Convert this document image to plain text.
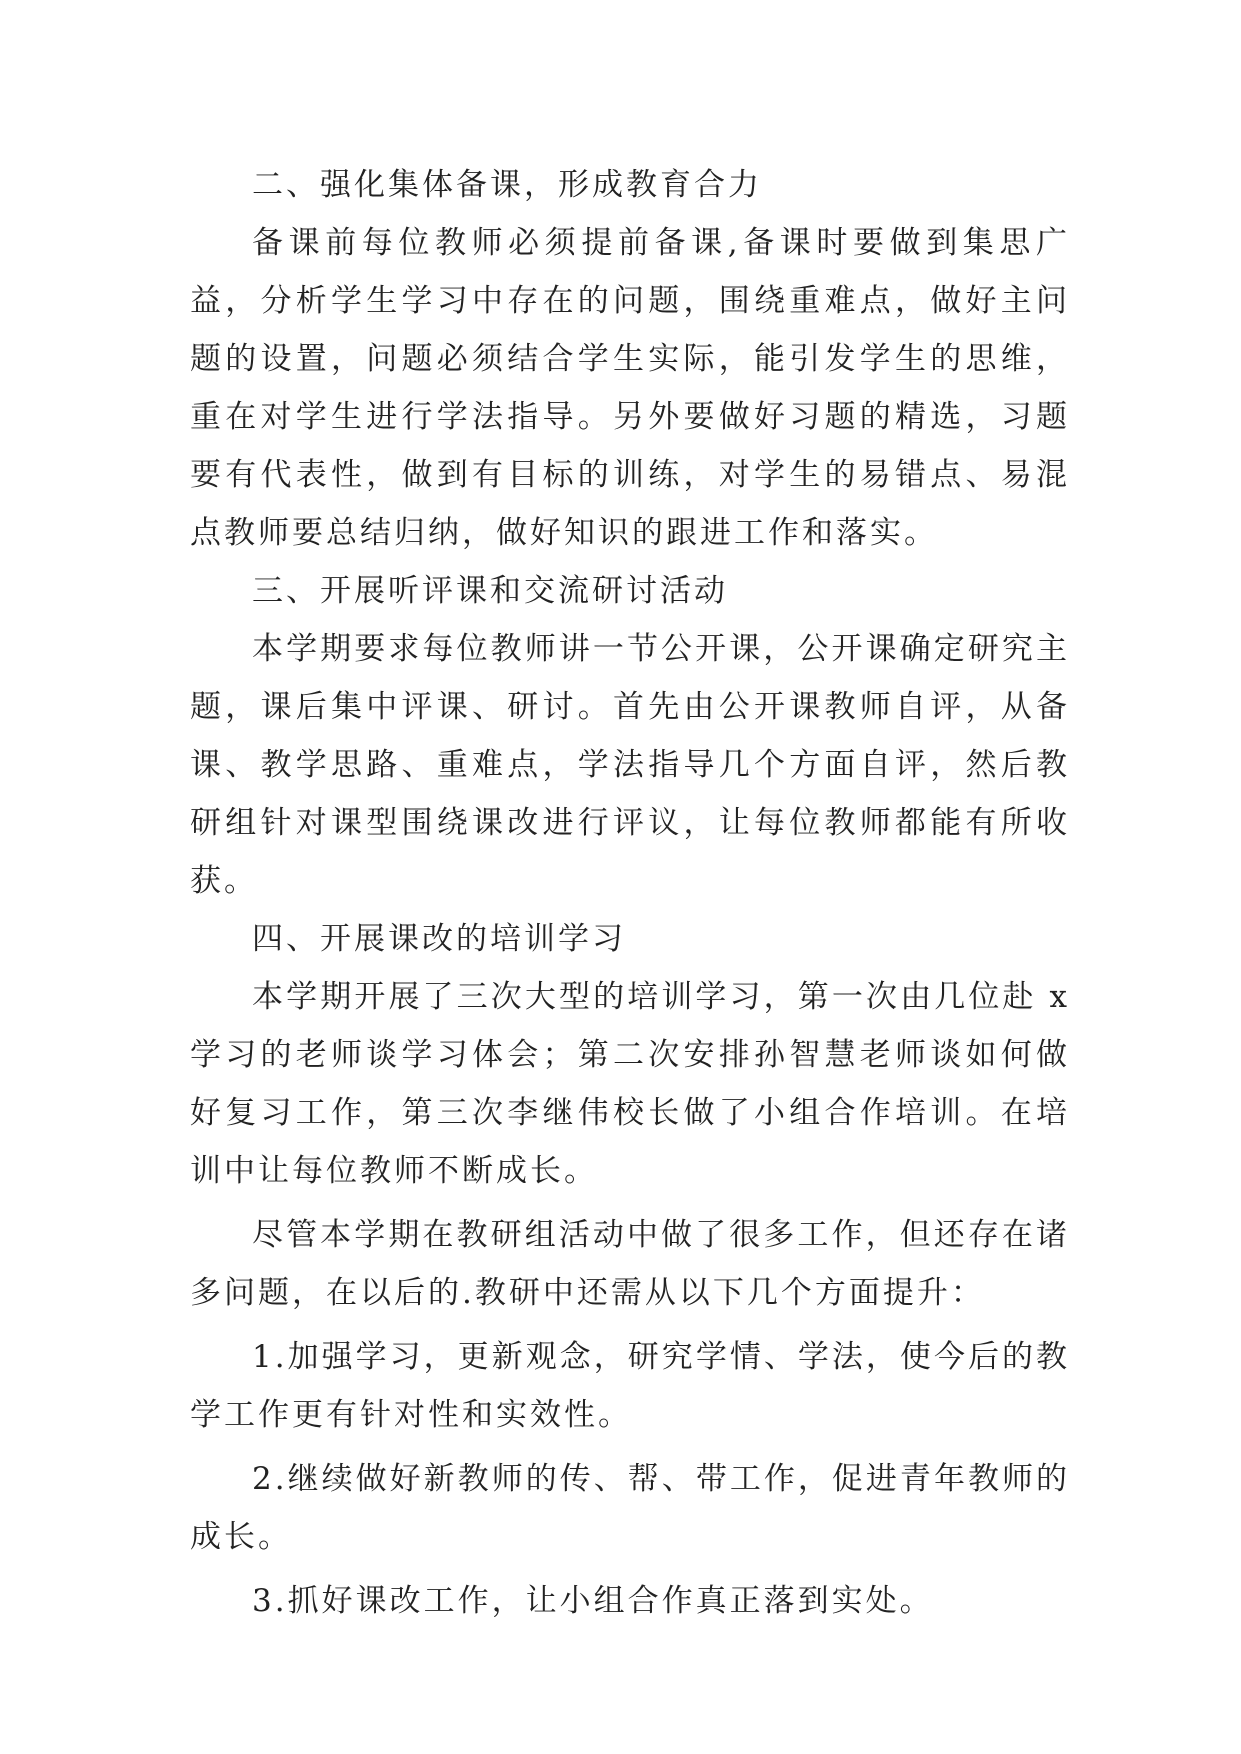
二、强化集体备课，形成教育合力

备课前每位教师必须提前备课,备课时要做到集思广益，分析学生学习中存在的问题，围绕重难点，做好主问题的设置，问题必须结合学生实际，能引发学生的思维，重在对学生进行学法指导。另外要做好习题的精选，习题要有代表性，做到有目标的训练，对学生的易错点、易混点教师要总结归纳，做好知识的跟进工作和落实。

三、开展听评课和交流研讨活动

本学期要求每位教师讲一节公开课，公开课确定研究主题，课后集中评课、研讨。首先由公开课教师自评，从备课、教学思路、重难点，学法指导几个方面自评，然后教研组针对课型围绕课改进行评议，让每位教师都能有所收获。

四、开展课改的培训学习

本学期开展了三次大型的培训学习，第一次由几位赴 x 学习的老师谈学习体会；第二次安排孙智慧老师谈如何做好复习工作，第三次李继伟校长做了小组合作培训。在培训中让每位教师不断成长。

尽管本学期在教研组活动中做了很多工作，但还存在诸多问题，在以后的.教研中还需从以下几个方面提升：

1.加强学习，更新观念，研究学情、学法，使今后的教学工作更有针对性和实效性。

2.继续做好新教师的传、帮、带工作，促进青年教师的成长。

3.抓好课改工作，让小组合作真正落到实处。
